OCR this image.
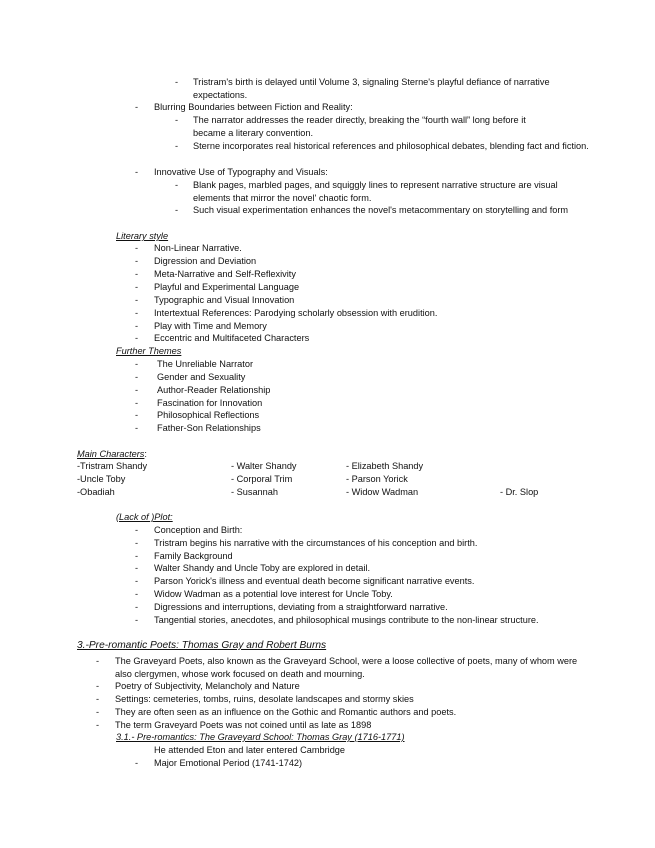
- Tristram's birth is delayed until Volume 3, signaling Sterne's playful defiance of narrative expectations.
- Blurring Boundaries between Fiction and Reality:
- The narrator addresses the reader directly, breaking the “fourth wall” long before it became a literary convention.
- Sterne incorporates real historical references and philosophical debates, blending fact and fiction.
- Innovative Use of Typography and Visuals:
- Blank pages, marbled pages, and squiggly lines to represent narrative structure are visual elements that mirror the novel' chaotic form.
- Such visual experimentation enhances the novel's metacommentary on storytelling and form
Literary style
- Non-Linear Narrative.
- Digression and Deviation
- Meta-Narrative and Self-Reflexivity
- Playful and Experimental Language
- Typographic and Visual Innovation
- Intertextual References: Parodying scholarly obsession with erudition.
- Play with Time and Memory
- Eccentric and Multifaceted Characters
Further Themes
- The Unreliable Narrator
- Gender and Sexuality
- Author-Reader Relationship
- Fascination for Innovation
- Philosophical Reflections
- Father-Son Relationships
Main Characters:
-Tristram Shandy	- Walter Shandy	- Elizabeth Shandy
-Uncle Toby	- Corporal Trim	- Parson Yorick
-Obadiah	- Susannah	- Widow Wadman	- Dr. Slop
(Lack of )Plot:
- Conception and Birth:
- Tristram begins his narrative with the circumstances of his conception and birth.
- Family Background
- Walter Shandy and Uncle Toby are explored in detail.
- Parson Yorick's illness and eventual death become significant narrative events.
- Widow Wadman as a potential love interest for Uncle Toby.
- Digressions and interruptions, deviating from a straightforward narrative.
- Tangential stories, anecdotes, and philosophical musings contribute to the non-linear structure.
3.-Pre-romantic Poets: Thomas Gray and Robert Burns
- The Graveyard Poets, also known as the Graveyard School, were a loose collective of poets, many of whom were also clergymen, whose work focused on death and mourning.
- Poetry of Subjectivity, Melancholy and Nature
- Settings: cemeteries, tombs, ruins, desolate landscapes and stormy skies
- They are often seen as an influence on the Gothic and Romantic authors and poets.
- The term Graveyard Poets was not coined until as late as 1898
3.1.- Pre-romantics: The Graveyard School: Thomas Gray (1716-1771)
He attended Eton and later entered Cambridge
- Major Emotional Period (1741-1742)
